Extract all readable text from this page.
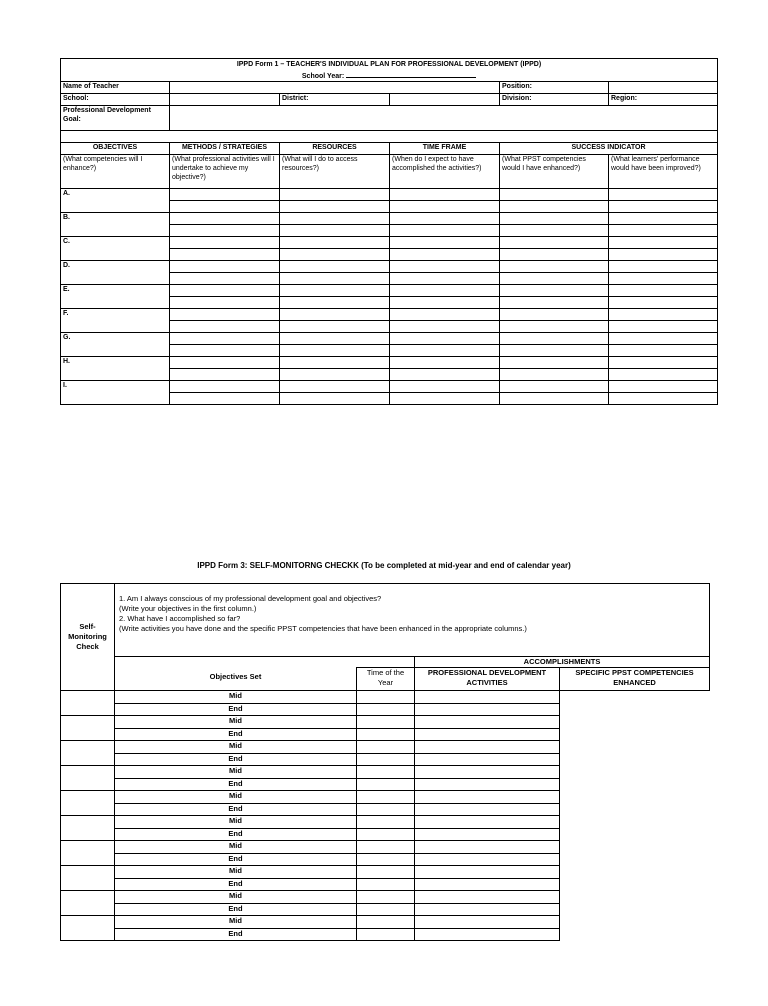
IPPD Form 1 – TEACHER'S INDIVIDUAL PLAN FOR PROFESSIONAL DEVELOPMENT (IPPD)
School Year:					

Name of Teacher				Position:	
School:		District:		Division:	Region:
Professional Development Goal:					

OBJECTIVES	METHODS / STRATEGIES	RESOURCES	TIME FRAME	SUCCESS INDICATOR	
(What competencies will I enhance?)	(What professional activities will I undertake to achieve my objective?)	(What will I do to access resources?)	(When do I expect to have accomplished the activities?)	(What PPST competencies would I have enhanced?)	(What learners' performance would have been improved?)
A.					

B.					

C.					

D.					

E.					

F.					

G.					

H.					

I.					

IPPD Form 3: SELF-MONITORNG CHECKK (To be completed at mid-year and end of calendar year)
Self-Monitoring Check	1. Am I always conscious of my professional development goal and objectives?
(Write your objectives in the first column.)
2. What have I accomplished so far?
(Write activities you have done and the specific PPST competencies that have been enhanced in the appropriate columns.)			

			ACCOMPLISHMENTS	
	Objectives Set	Time of the Year	PROFESSIONAL DEVELOPMENT ACTIVITIES	SPECIFIC PPST COMPETENCIES ENHANCED
	Mid			
	End			
	Mid			
	End			
	Mid			
	End			
	Mid			
	End			
	Mid			
	End			
	Mid			
	End			
	Mid			
	End			
	Mid			
	End			
	Mid			
	End			
	Mid			
	End			
